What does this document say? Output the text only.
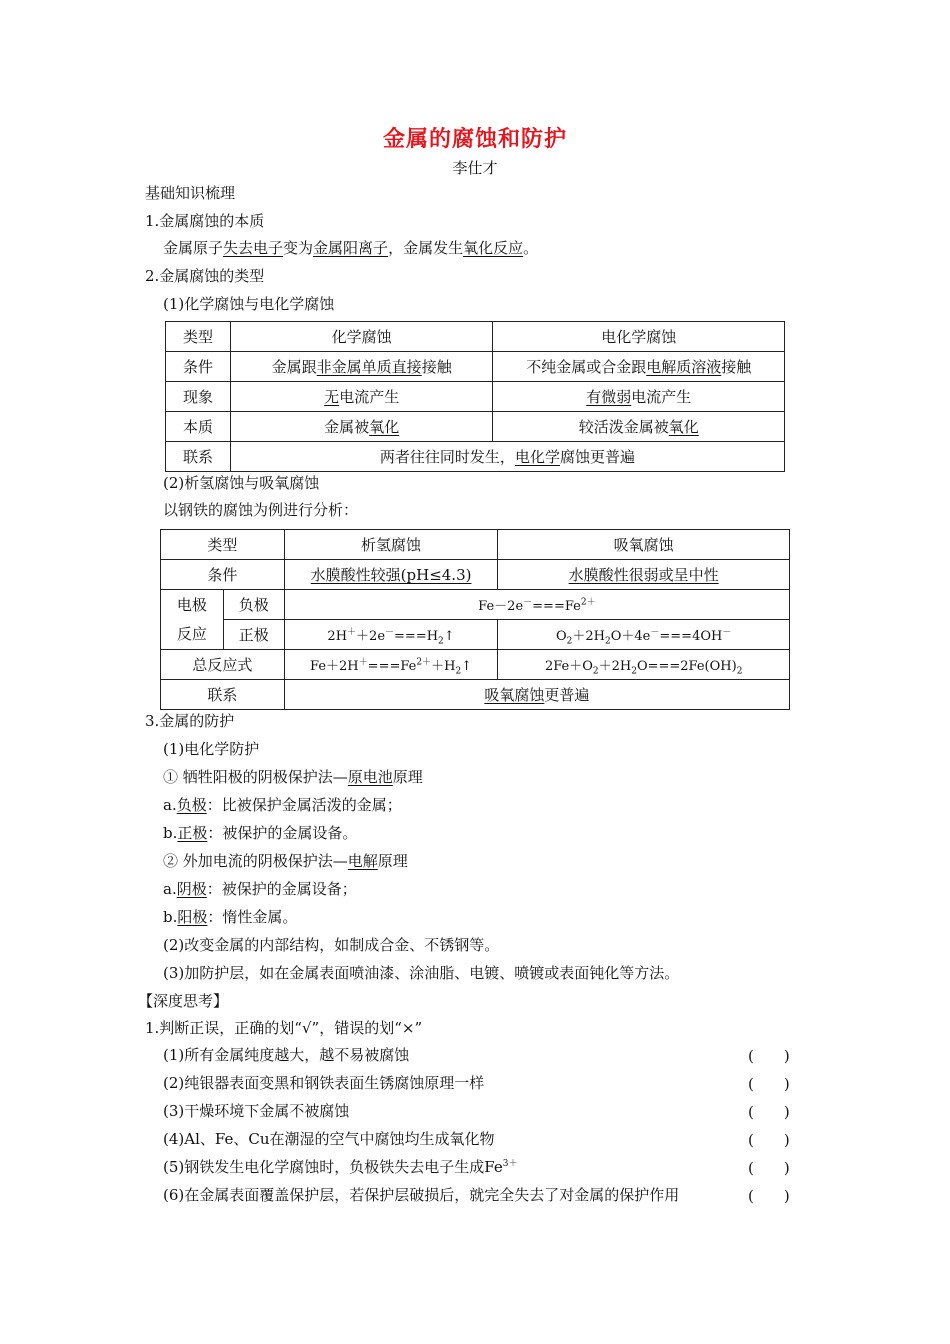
金属的腐蚀和防护
李仕才
基础知识梳理
1.金属腐蚀的本质
金属原子失去电子变为金属阳离子，金属发生氧化反应。
2.金属腐蚀的类型
(1)化学腐蚀与电化学腐蚀
类型	化学腐蚀	电化学腐蚀
条件	金属跟非金属单质直接接触	不纯金属或合金跟电解质溶液接触
现象	无电流产生	有微弱电流产生
本质	金属被氧化	较活泼金属被氧化
联系	两者往往同时发生，电化学腐蚀更普遍	
(2)析氢腐蚀与吸氧腐蚀
以钢铁的腐蚀为例进行分析：
类型		析氢腐蚀	吸氧腐蚀
条件		水膜酸性较强(pH≤4.3)	水膜酸性很弱或呈中性

电极
反应	负极	$Fe-2e^-===Fe^{2+}$
	正极	$2H^++2e^-===H_2↑$	$O_2+2H_2O+4e^-===4OH^-$
总反应式		$Fe+2H^+===Fe^{2+}+H_2↑$	$2Fe+O_2+2H_2O===2Fe(OH)_2$
联系		吸氧腐蚀更普遍	
3.金属的防护
(1)电化学防护
① 牺牲阳极的阴极保护法—原电池原理
a.负极：比被保护金属活泼的金属；
b.正极：被保护的金属设备。
② 外加电流的阴极保护法—电解原理
a.阴极：被保护的金属设备；
b.阳极：惰性金属。
(2)改变金属的内部结构，如制成合金、不锈钢等。
(3)加防护层，如在金属表面喷油漆、涂油脂、电镀、喷镀或表面钝化等方法。
【深度思考】
1.判断正误，正确的划“√”，错误的划“×”
(1)所有金属纯度越大，越不易被腐蚀	(　　)
(2)纯银器表面变黑和钢铁表面生锈腐蚀原理一样	(　　)
(3)干燥环境下金属不被腐蚀	(　　)
(4)Al、Fe、Cu在潮湿的空气中腐蚀均生成氧化物	(　　)
(5)钢铁发生电化学腐蚀时，负极铁失去电子生成$Fe^{3+}$	(　　)
(6)在金属表面覆盖保护层，若保护层破损后，就完全失去了对金属的保护作用	(　　)
